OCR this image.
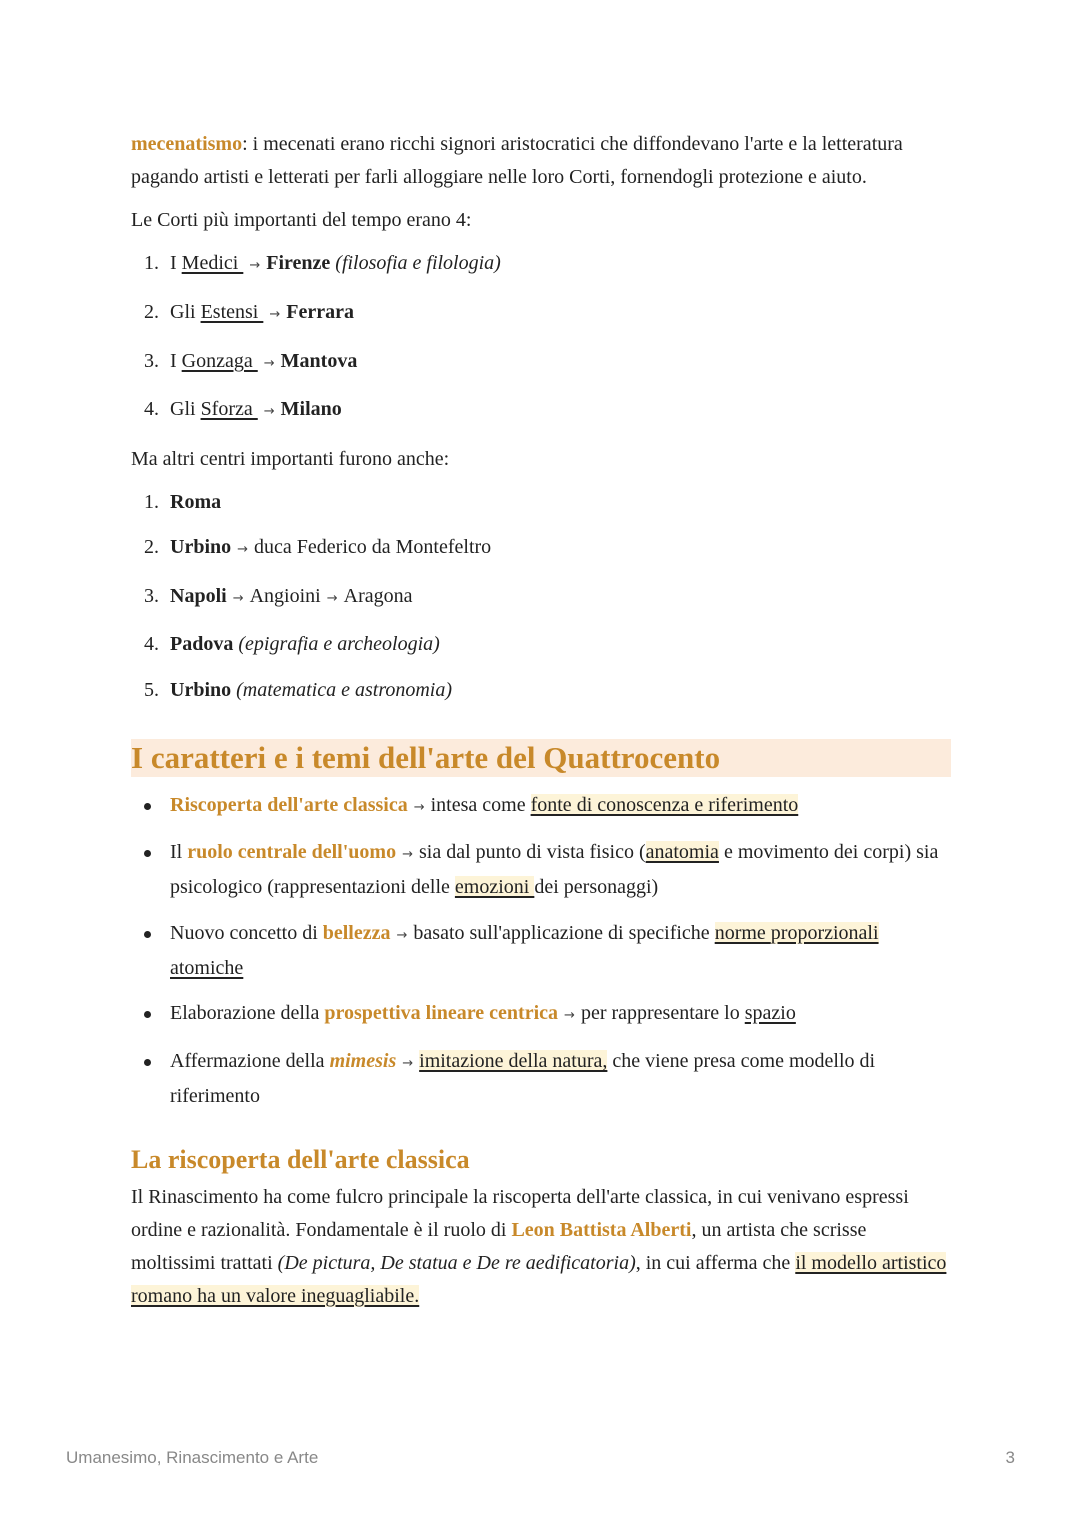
mecenatismo: i mecenati erano ricchi signori aristocratici che diffondevano l'arte e la letteratura pagando artisti e letterati per farli alloggiare nelle loro Corti, fornendogli protezione e aiuto.

Le Corti più importanti del tempo erano 4:

1. I Medici → Firenze (filosofia e filologia)
2. Gli Estensi → Ferrara
3. I Gonzaga → Mantova
4. Gli Sforza → Milano

Ma altri centri importanti furono anche:

1. Roma
2. Urbino → duca Federico da Montefeltro
3. Napoli → Angioini → Aragona
4. Padova (epigrafia e archeologia)
5. Urbino (matematica e astronomia)
I caratteri e i temi dell'arte del Quattrocento
Riscoperta dell'arte classica → intesa come fonte di conoscenza e riferimento
Il ruolo centrale dell'uomo → sia dal punto di vista fisico (anatomia e movimento dei corpi) sia psicologico (rappresentazioni delle emozioni dei personaggi)
Nuovo concetto di bellezza → basato sull'applicazione di specifiche norme proporzionali atomiche
Elaborazione della prospettiva lineare centrica → per rappresentare lo spazio
Affermazione della mimesis → imitazione della natura, che viene presa come modello di riferimento
La riscoperta dell'arte classica

Il Rinascimento ha come fulcro principale la riscoperta dell'arte classica, in cui venivano espressi ordine e razionalità. Fondamentale è il ruolo di Leon Battista Alberti, un artista che scrisse moltissimi trattati (De pictura, De statua e De re aedificatoria), in cui afferma che il modello artistico romano ha un valore ineguagliabile.

Umanesimo, Rinascimento e Arte	3
